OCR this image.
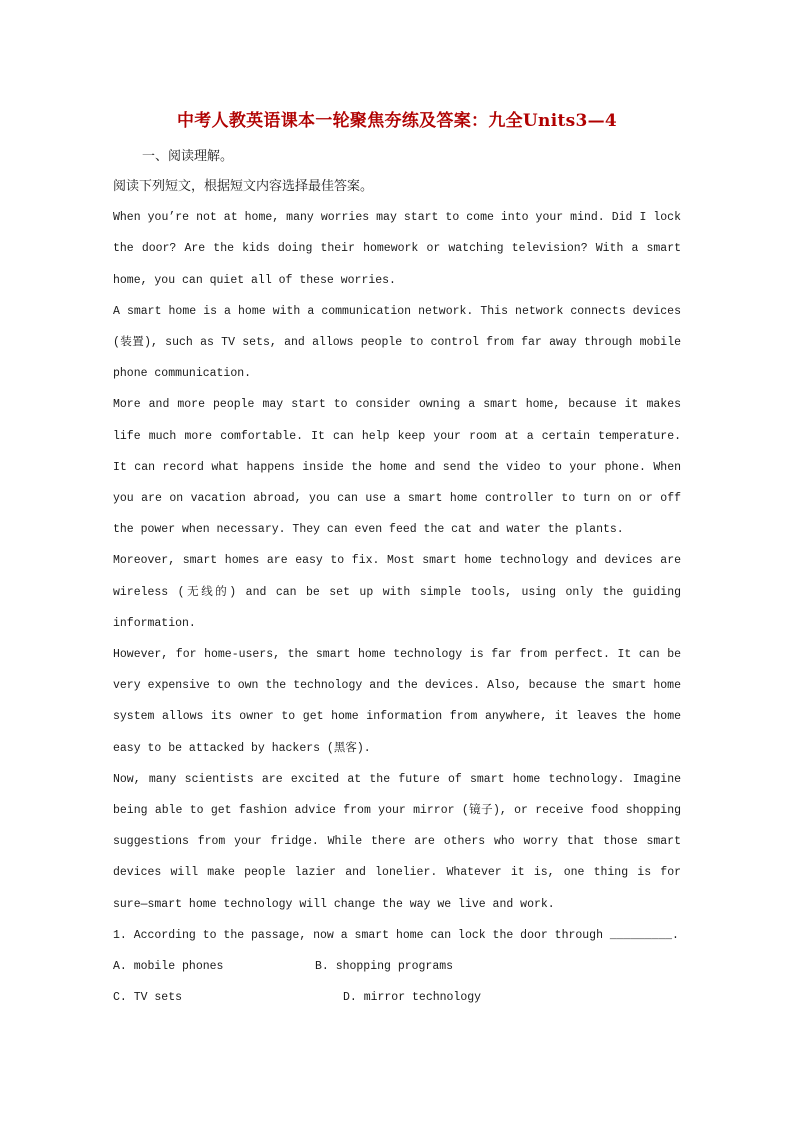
中考人教英语课本一轮聚焦夯练及答案：九全Units3—4
一、阅读理解。
阅读下列短文，根据短文内容选择最佳答案。

When you’re not at home, many worries may start to come into your mind. Did I lock the door? Are the kids doing their homework or watching television? With a smart home, you can quiet all of these worries.

A smart home is a home with a communication network. This network connects devices (装置), such as TV sets, and allows people to control from far away through mobile phone communication.

More and more people may start to consider owning a smart home, because it makes life much more comfortable. It can help keep your room at a certain temperature. It can record what happens inside the home and send the video to your phone. When you are on vacation abroad, you can use a smart home controller to turn on or off the power when necessary. They can even feed the cat and water the plants.

Moreover, smart homes are easy to fix. Most smart home technology and devices are wireless (无线的) and can be set up with simple tools, using only the guiding information.

However, for home-users, the smart home technology is far from perfect. It can be very expensive to own the technology and the devices. Also, because the smart home system allows its owner to get home information from anywhere, it leaves the home easy to be attacked by hackers (黑客).

Now, many scientists are excited at the future of smart home technology. Imagine being able to get fashion advice from your mirror (镜子), or receive food shopping suggestions from your fridge. While there are others who worry that those smart devices will make people lazier and lonelier. Whatever it is, one thing is for sure—smart home technology will change the way we live and work.

1. According to the passage, now a smart home can lock the door through _________.

A. mobile phones	B. shopping programs
C. TV sets	D. mirror technology
